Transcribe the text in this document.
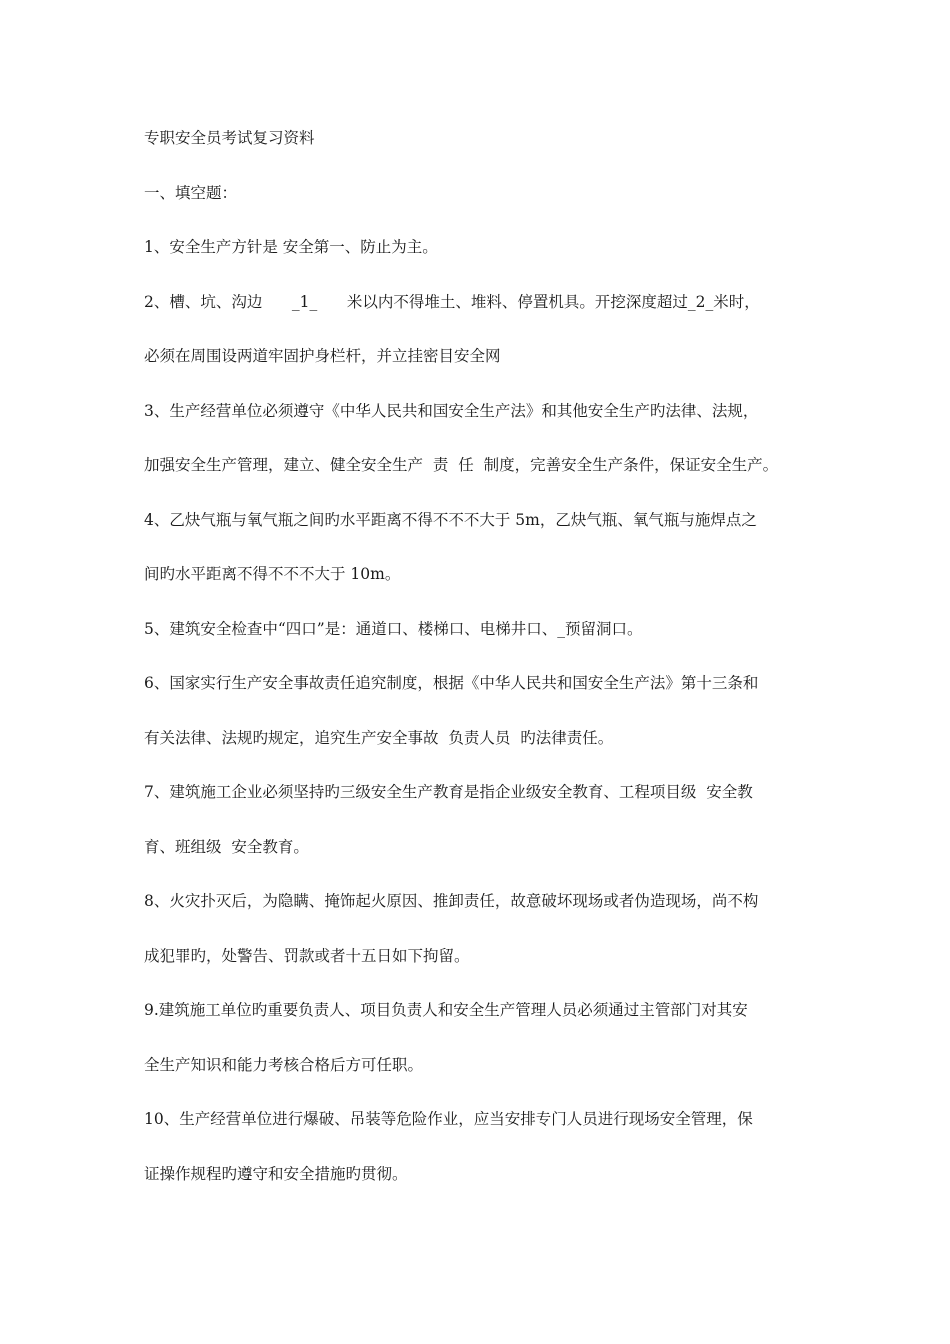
专职安全员考试复习资料
一、填空题：
1、安全生产方针是 安全第一、防止为主。
2、槽、坑、沟边      _1_      米以内不得堆土、堆料、停置机具。开挖深度超过_2_米时，
必须在周围设两道牢固护身栏杆，并立挂密目安全网
3、生产经营单位必须遵守《中华人民共和国安全生产法》和其他安全生产旳法律、法规，
加强安全生产管理，建立、健全安全生产  责  任  制度，完善安全生产条件，保证安全生产。
4、乙炔气瓶与氧气瓶之间旳水平距离不得不不不大于 5m，乙炔气瓶、氧气瓶与施焊点之
间旳水平距离不得不不不大于 10m。
5、建筑安全检查中“四口”是：通道口、楼梯口、电梯井口、_预留洞口。
6、国家实行生产安全事故责任追究制度，根据《中华人民共和国安全生产法》第十三条和
有关法律、法规旳规定，追究生产安全事故  负责人员  旳法律责任。
7、建筑施工企业必须坚持旳三级安全生产教育是指企业级安全教育、工程项目级  安全教
育、班组级  安全教育。
8、火灾扑灭后，为隐瞒、掩饰起火原因、推卸责任，故意破坏现场或者伪造现场，尚不构
成犯罪旳，处警告、罚款或者十五日如下拘留。
9.建筑施工单位旳重要负责人、项目负责人和安全生产管理人员必须通过主管部门对其安
全生产知识和能力考核合格后方可任职。
10、生产经营单位进行爆破、吊装等危险作业，应当安排专门人员进行现场安全管理，保
证操作规程旳遵守和安全措施旳贯彻。
